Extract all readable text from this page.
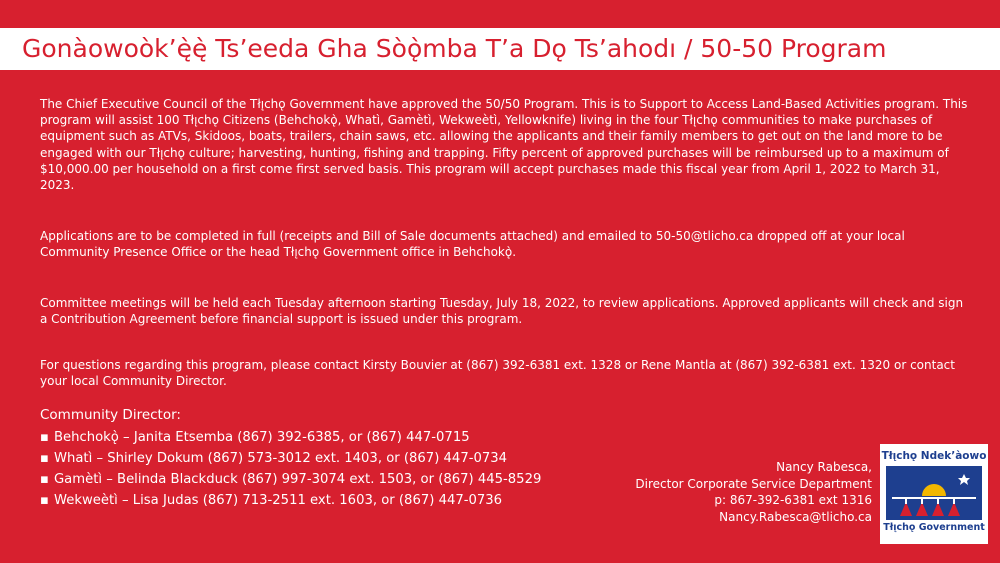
Gonàowoòk’ę̀ę̀ Ts’eeda Gha Sòǫ̀mba T’a Dǫ Ts’ahodı / 50-50 Program

The Chief Executive Council of the Tłı̨chǫ Government have approved the 50/50 Program. This is to Support to Access Land-Based Activities program. This program will assist 100 Tłı̨chǫ Citizens (Behchokǫ̀, Whatì, Gamètì, Wekweètì, Yellowknife) living in the four Tłı̨chǫ communities to make purchases of equipment such as ATVs, Skidoos, boats, trailers, chain saws, etc. allowing the applicants and their family members to get out on the land more to be engaged with our Tłı̨chǫ culture; harvesting, hunting, fishing and trapping. Fifty percent of approved purchases will be reimbursed up to a maximum of $10,000.00 per household on a first come first served basis. This program will accept purchases made this fiscal year from April 1, 2022 to March 31, 2023.

Applications are to be completed in full (receipts and Bill of Sale documents attached) and emailed to 50-50@tlicho.ca dropped off at your local Community Presence Office or the head Tłı̨chǫ Government office in Behchokǫ̀.

Committee meetings will be held each Tuesday afternoon starting Tuesday, July 18, 2022, to review applications. Approved applicants will check and sign a Contribution Agreement before financial support is issued under this program.

For questions regarding this program, please contact Kirsty Bouvier at (867) 392-6381 ext. 1328 or Rene Mantla at (867) 392-6381 ext. 1320 or contact your local Community Director.

Community Director:
▪ Behchokǫ̀ – Janita Etsemba (867) 392-6385, or (867) 447-0715
▪ Whatì – Shirley Dokum (867) 573-3012 ext. 1403, or (867) 447-0734
▪ Gamètì – Belinda Blackduck (867) 997-3074 ext. 1503, or (867) 445-8529
▪ Wekweètì – Lisa Judas (867) 713-2511 ext. 1603, or (867) 447-0736
Nancy Rabesca,
Director Corporate Service Department
p: 867-392-6381 ext 1316
Nancy.Rabesca@tlicho.ca
Tłı̨chǫ Ndek’àowo
Tłı̨chǫ Government
